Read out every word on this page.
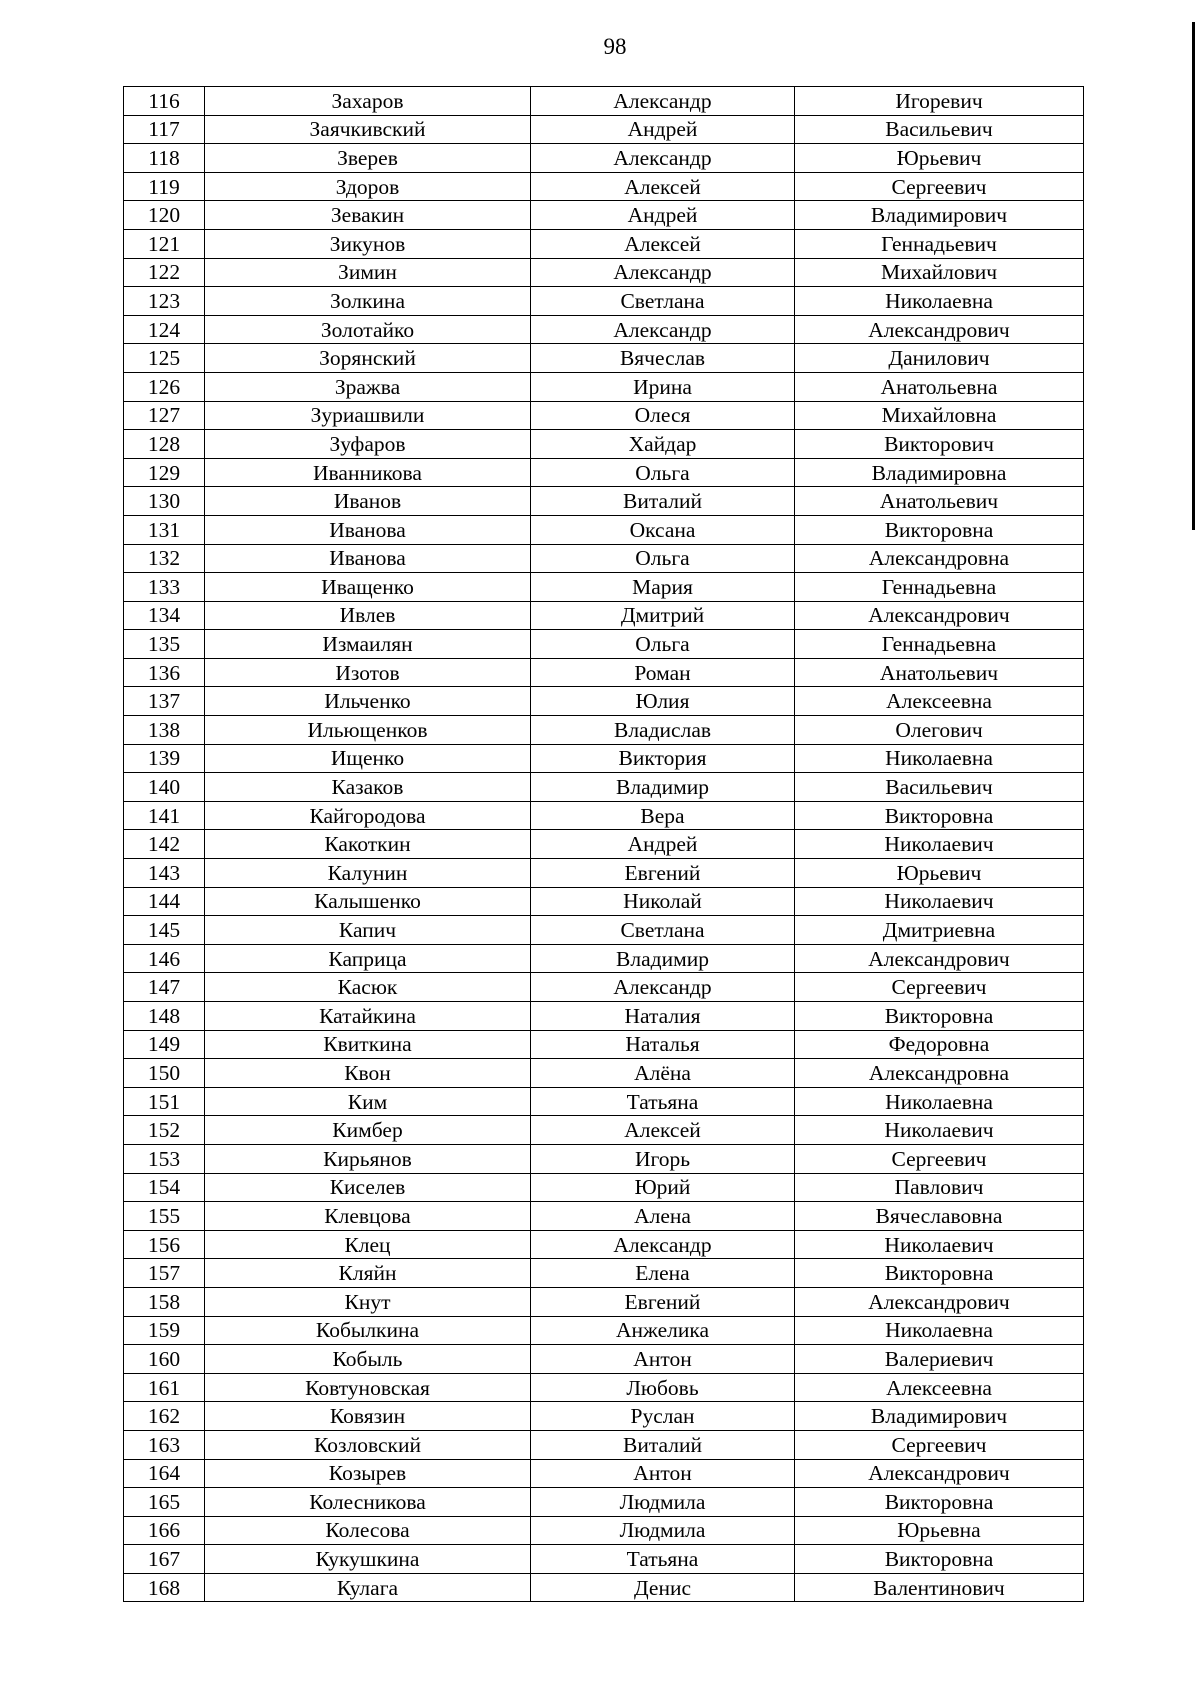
98
116	Захаров	Александр	Игоревич
117	Заячкивский	Андрей	Васильевич
118	Зверев	Александр	Юрьевич
119	Здоров	Алексей	Сергеевич
120	Зевакин	Андрей	Владимирович
121	Зикунов	Алексей	Геннадьевич
122	Зимин	Александр	Михайлович
123	Золкина	Светлана	Николаевна
124	Золотайко	Александр	Александрович
125	Зорянский	Вячеслав	Данилович
126	Зражва	Ирина	Анатольевна
127	Зуриашвили	Олеся	Михайловна
128	Зуфаров	Хайдар	Викторович
129	Иванникова	Ольга	Владимировна
130	Иванов	Виталий	Анатольевич
131	Иванова	Оксана	Викторовна
132	Иванова	Ольга	Александровна
133	Иващенко	Мария	Геннадьевна
134	Ивлев	Дмитрий	Александрович
135	Измаилян	Ольга	Геннадьевна
136	Изотов	Роман	Анатольевич
137	Ильченко	Юлия	Алексеевна
138	Ильющенков	Владислав	Олегович
139	Ищенко	Виктория	Николаевна
140	Казаков	Владимир	Васильевич
141	Кайгородова	Вера	Викторовна
142	Какоткин	Андрей	Николаевич
143	Калунин	Евгений	Юрьевич
144	Калышенко	Николай	Николаевич
145	Капич	Светлана	Дмитриевна
146	Каприца	Владимир	Александрович
147	Касюк	Александр	Сергеевич
148	Катайкина	Наталия	Викторовна
149	Квиткина	Наталья	Федоровна
150	Квон	Алёна	Александровна
151	Ким	Татьяна	Николаевна
152	Кимбер	Алексей	Николаевич
153	Кирьянов	Игорь	Сергеевич
154	Киселев	Юрий	Павлович
155	Клевцова	Алена	Вячеславовна
156	Клец	Александр	Николаевич
157	Кляйн	Елена	Викторовна
158	Кнут	Евгений	Александрович
159	Кобылкина	Анжелика	Николаевна
160	Кобыль	Антон	Валериевич
161	Ковтуновская	Любовь	Алексеевна
162	Ковязин	Руслан	Владимирович
163	Козловский	Виталий	Сергеевич
164	Козырев	Антон	Александрович
165	Колесникова	Людмила	Викторовна
166	Колесова	Людмила	Юрьевна
167	Кукушкина	Татьяна	Викторовна
168	Кулага	Денис	Валентинович
